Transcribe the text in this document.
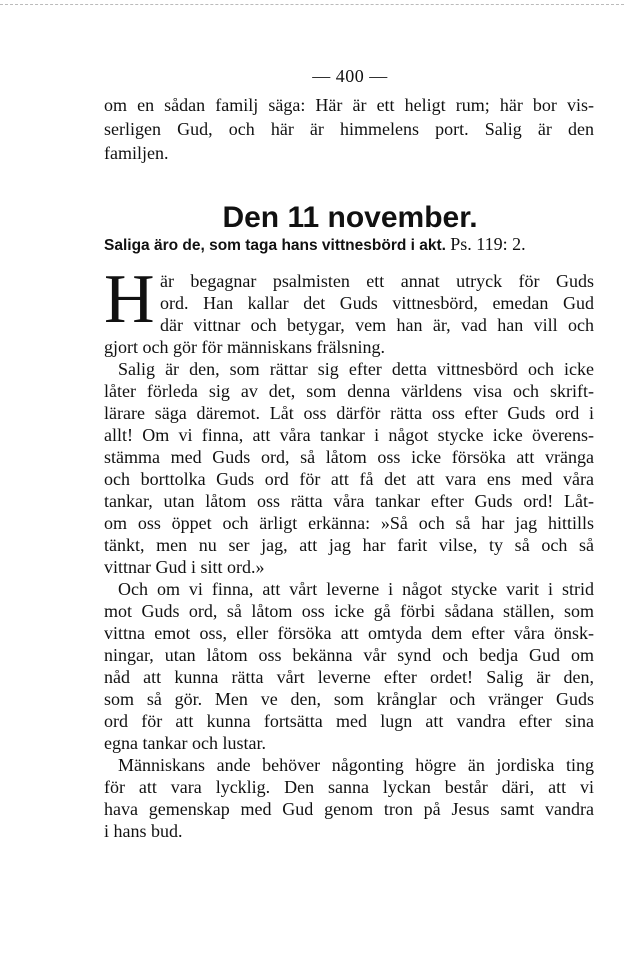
— 400 —
om en sådan familj säga: Här är ett heligt rum; här bor vis-
serligen Gud, och här är himmelens port. Salig är den
familjen.
Den 11 november.
Saliga äro de, som taga hans vittnesbörd i akt. Ps. 119: 2.
H är begagnar psalmisten ett annat utryck för Guds
ord. Han kallar det Guds vittnesbörd, emedan Gud
där vittnar och betygar, vem han är, vad han vill och
gjort och gör för människans frälsning.
Salig är den, som rättar sig efter detta vittnesbörd och icke
låter förleda sig av det, som denna världens visa och skrift-
lärare säga däremot. Låt oss därför rätta oss efter Guds ord i
allt! Om vi finna, att våra tankar i något stycke icke överens-
stämma med Guds ord, så låtom oss icke försöka att vränga
och borttolka Guds ord för att få det att vara ens med våra
tankar, utan låtom oss rätta våra tankar efter Guds ord! Låt-
om oss öppet och ärligt erkänna: »Så och så har jag hittills
tänkt, men nu ser jag, att jag har farit vilse, ty så och så
vittnar Gud i sitt ord.»
Och om vi finna, att vårt leverne i något stycke varit i strid
mot Guds ord, så låtom oss icke gå förbi sådana ställen, som
vittna emot oss, eller försöka att omtyda dem efter våra önsk-
ningar, utan låtom oss bekänna vår synd och bedja Gud om
nåd att kunna rätta vårt leverne efter ordet! Salig är den,
som så gör. Men ve den, som krånglar och vränger Guds
ord för att kunna fortsätta med lugn att vandra efter sina
egna tankar och lustar.
Människans ande behöver någonting högre än jordiska ting
för att vara lycklig. Den sanna lyckan består däri, att vi
hava gemenskap med Gud genom tron på Jesus samt vandra
i hans bud.
